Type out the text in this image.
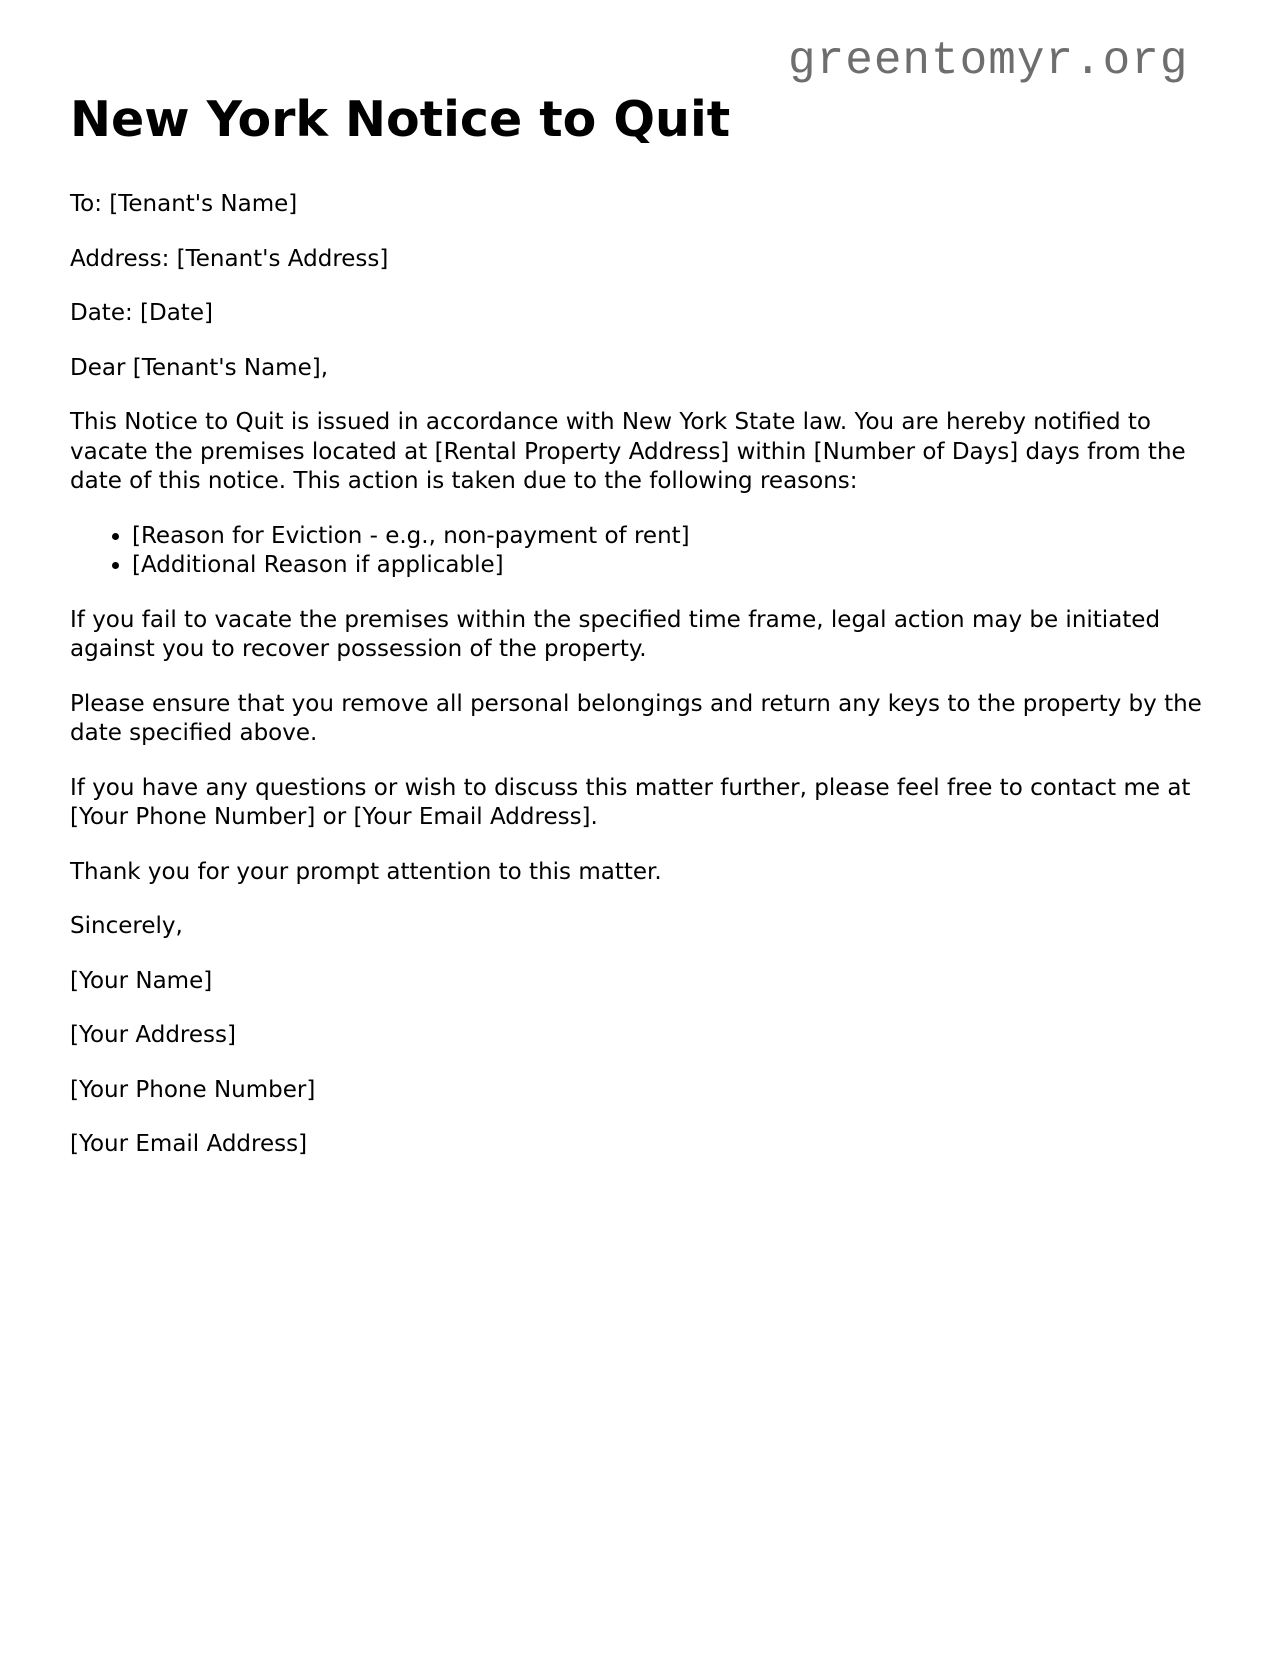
greentomyr.org
New York Notice to Quit

To: [Tenant's Name]

Address: [Tenant's Address]

Date: [Date]

Dear [Tenant's Name],

This Notice to Quit is issued in accordance with New York State law. You are hereby notified to vacate the premises located at [Rental Property Address] within [Number of Days] days from the date of this notice. This action is taken due to the following reasons:

• [Reason for Eviction - e.g., non-payment of rent]
• [Additional Reason if applicable]

If you fail to vacate the premises within the specified time frame, legal action may be initiated against you to recover possession of the property.

Please ensure that you remove all personal belongings and return any keys to the property by the date specified above.

If you have any questions or wish to discuss this matter further, please feel free to contact me at [Your Phone Number] or [Your Email Address].

Thank you for your prompt attention to this matter.

Sincerely,

[Your Name]

[Your Address]

[Your Phone Number]

[Your Email Address]
